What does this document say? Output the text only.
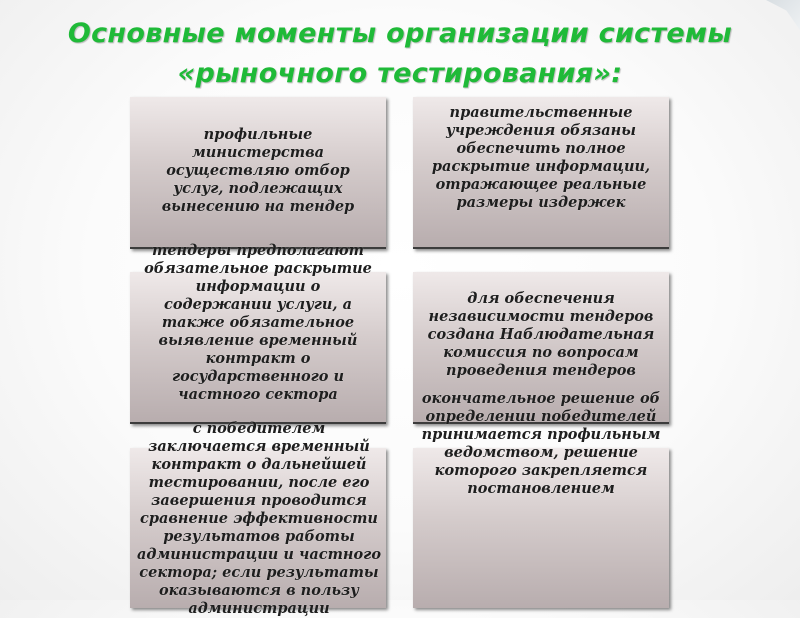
Основные моменты организации системы
«рыночного тестирования»:
профильные министерства осуществляю отбор услуг, подлежащих вынесению на тендер
правительственные учреждения обязаны обеспечить полное раскрытие информации, отражающее реальные размеры издержек
тендеры предполагают обязательное раскрытие информации о содержании услуги, а также обязательное выявление временный контракт о государственного и частного сектора
для обеспечения независимости тендеров создана Наблюдательная комиссия по вопросам проведения тендеров
с победителем заключается временный контракт о дальнейшей тестировании, после его завершения проводится сравнение эффективности результатов работы администрации и частного сектора; если результаты оказываются в пользу администрации
окончательное решение об определении победителей принимается профильным ведомством, решение которого закрепляется постановлением
